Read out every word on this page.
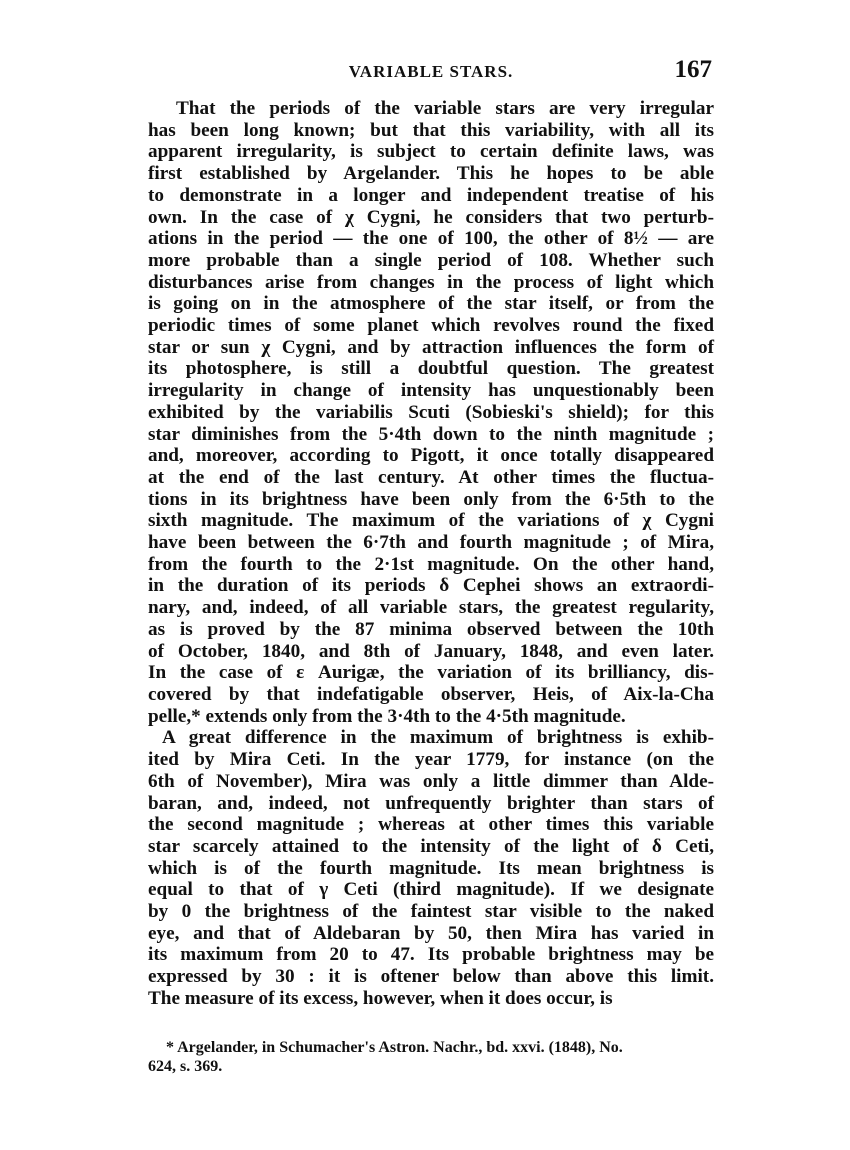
VARIABLE STARS.	167
That the periods of the variable stars are very irregular
has been long known; but that this variability, with all its
apparent irregularity, is subject to certain definite laws, was
first established by Argelander. This he hopes to be able
to demonstrate in a longer and independent treatise of his
own. In the case of χ Cygni, he considers that two perturb-
ations in the period — the one of 100, the other of 8½ — are
more probable than a single period of 108. Whether such
disturbances arise from changes in the process of light which
is going on in the atmosphere of the star itself, or from the
periodic times of some planet which revolves round the fixed
star or sun χ Cygni, and by attraction influences the form of
its photosphere, is still a doubtful question. The greatest
irregularity in change of intensity has unquestionably been
exhibited by the variabilis Scuti (Sobieski's shield); for this
star diminishes from the 5·4th down to the ninth magnitude ;
and, moreover, according to Pigott, it once totally disappeared
at the end of the last century. At other times the fluctua-
tions in its brightness have been only from the 6·5th to the
sixth magnitude. The maximum of the variations of χ Cygni
have been between the 6·7th and fourth magnitude ; of Mira,
from the fourth to the 2·1st magnitude. On the other hand,
in the duration of its periods δ Cephei shows an extraordi-
nary, and, indeed, of all variable stars, the greatest regularity,
as is proved by the 87 minima observed between the 10th
of October, 1840, and 8th of January, 1848, and even later.
In the case of ε Aurigæ, the variation of its brilliancy, dis-
covered by that indefatigable observer, Heis, of Aix-la-Cha
pelle,* extends only from the 3·4th to the 4·5th magnitude.
A great difference in the maximum of brightness is exhib-
ited by Mira Ceti. In the year 1779, for instance (on the
6th of November), Mira was only a little dimmer than Alde-
baran, and, indeed, not unfrequently brighter than stars of
the second magnitude ; whereas at other times this variable
star scarcely attained to the intensity of the light of δ Ceti,
which is of the fourth magnitude. Its mean brightness is
equal to that of γ Ceti (third magnitude). If we designate
by 0 the brightness of the faintest star visible to the naked
eye, and that of Aldebaran by 50, then Mira has varied in
its maximum from 20 to 47. Its probable brightness may be
expressed by 30 : it is oftener below than above this limit.
The measure of its excess, however, when it does occur, is
* Argelander, in Schumacher's Astron. Nachr., bd. xxvi. (1848), No.
624, s. 369.
